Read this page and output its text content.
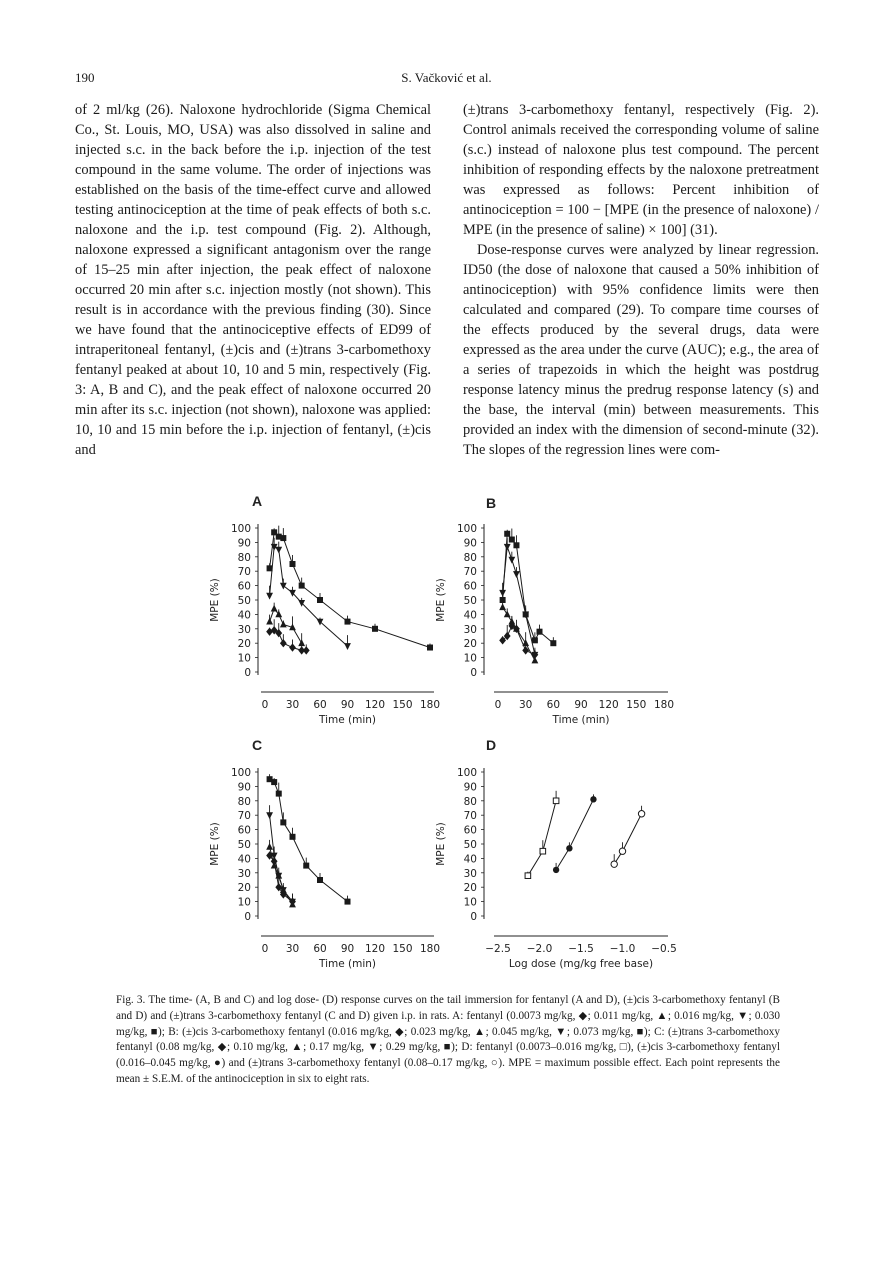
190	S. Vačković et al.

of 2 ml/kg (26). Naloxone hydrochloride (Sigma Chemical Co., St. Louis, MO, USA) was also dissolved in saline and injected s.c. in the back before the i.p. injection of the test compound in the same volume. The order of injections was established on the basis of the time-effect curve and allowed testing antinociception at the time of peak effects of both s.c. naloxone and the i.p. test compound (Fig. 2). Although, naloxone expressed a significant antagonism over the range of 15–25 min after injection, the peak effect of naloxone occurred 20 min after s.c. injection mostly (not shown). This result is in accordance with the previous finding (30). Since we have found that the antinociceptive effects of ED99 of intraperitoneal fentanyl, (±)cis and (±)trans 3-carbomethoxy fentanyl peaked at about 10, 10 and 5 min, respectively (Fig. 3: A, B and C), and the peak effect of naloxone occurred 20 min after its s.c. injection (not shown), naloxone was applied: 10, 10 and 15 min before the i.p. injection of fentanyl, (±)cis and

(±)trans 3-carbomethoxy fentanyl, respectively (Fig. 2). Control animals received the corresponding volume of saline (s.c.) instead of naloxone plus test compound. The percent inhibition of responding effects by the naloxone pretreatment was expressed as follows: Percent inhibition of antinociception = 100 − [MPE (in the presence of naloxone) / MPE (in the presence of saline) × 100] (31).

Dose-response curves were analyzed by linear regression. ID50 (the dose of naloxone that caused a 50% inhibition of antinociception) with 95% confidence limits were then calculated and compared (29). To compare time courses of the effects produced by the several drugs, data were expressed as the area under the curve (AUC); e.g., the area of a series of trapezoids in which the height was postdrug response latency minus the predrug response latency (s) and the base, the interval (min) between measurements. This provided an index with the dimension of second-minute (32). The slopes of the regression lines were com-

A
0
10
20
30
40
50
60
70
80
90
100
MPE (%)
0 30 60 90 120 150 180
Time (min)
B
0
10
20
30
40
50
60
70
80
90
100
MPE (%)
0 30 60 90 120 150 180
Time (min)
C
0
10
20
30
40
50
60
70
80
90
100
MPE (%)
0 30 60 90 120 150 180
Time (min)
D
0
10
20
30
40
50
60
70
80
90
100
MPE (%)
−2.5 −2.0 −1.5 −1.0 −0.5
Log dose (mg/kg free base)
Fig. 3. The time- (A, B and C) and log dose- (D) response curves on the tail immersion for fentanyl (A and D), (±)cis 3-carbomethoxy fentanyl (B and D) and (±)trans 3-carbomethoxy fentanyl (C and D) given i.p. in rats. A: fentanyl (0.0073 mg/kg, ◆; 0.011 mg/kg, ▲; 0.016 mg/kg, ▼; 0.030 mg/kg, ■); B: (±)cis 3-carbomethoxy fentanyl (0.016 mg/kg, ◆; 0.023 mg/kg, ▲; 0.045 mg/kg, ▼; 0.073 mg/kg, ■); C: (±)trans 3-carbomethoxy fentanyl (0.08 mg/kg, ◆; 0.10 mg/kg, ▲; 0.17 mg/kg, ▼; 0.29 mg/kg, ■); D: fentanyl (0.0073–0.016 mg/kg, □), (±)cis 3-carbomethoxy fentanyl (0.016–0.045 mg/kg, ●) and (±)trans 3-carbomethoxy fentanyl (0.08–0.17 mg/kg, ○). MPE = maximum possible effect. Each point represents the mean ± S.E.M. of the antinociception in six to eight rats.
